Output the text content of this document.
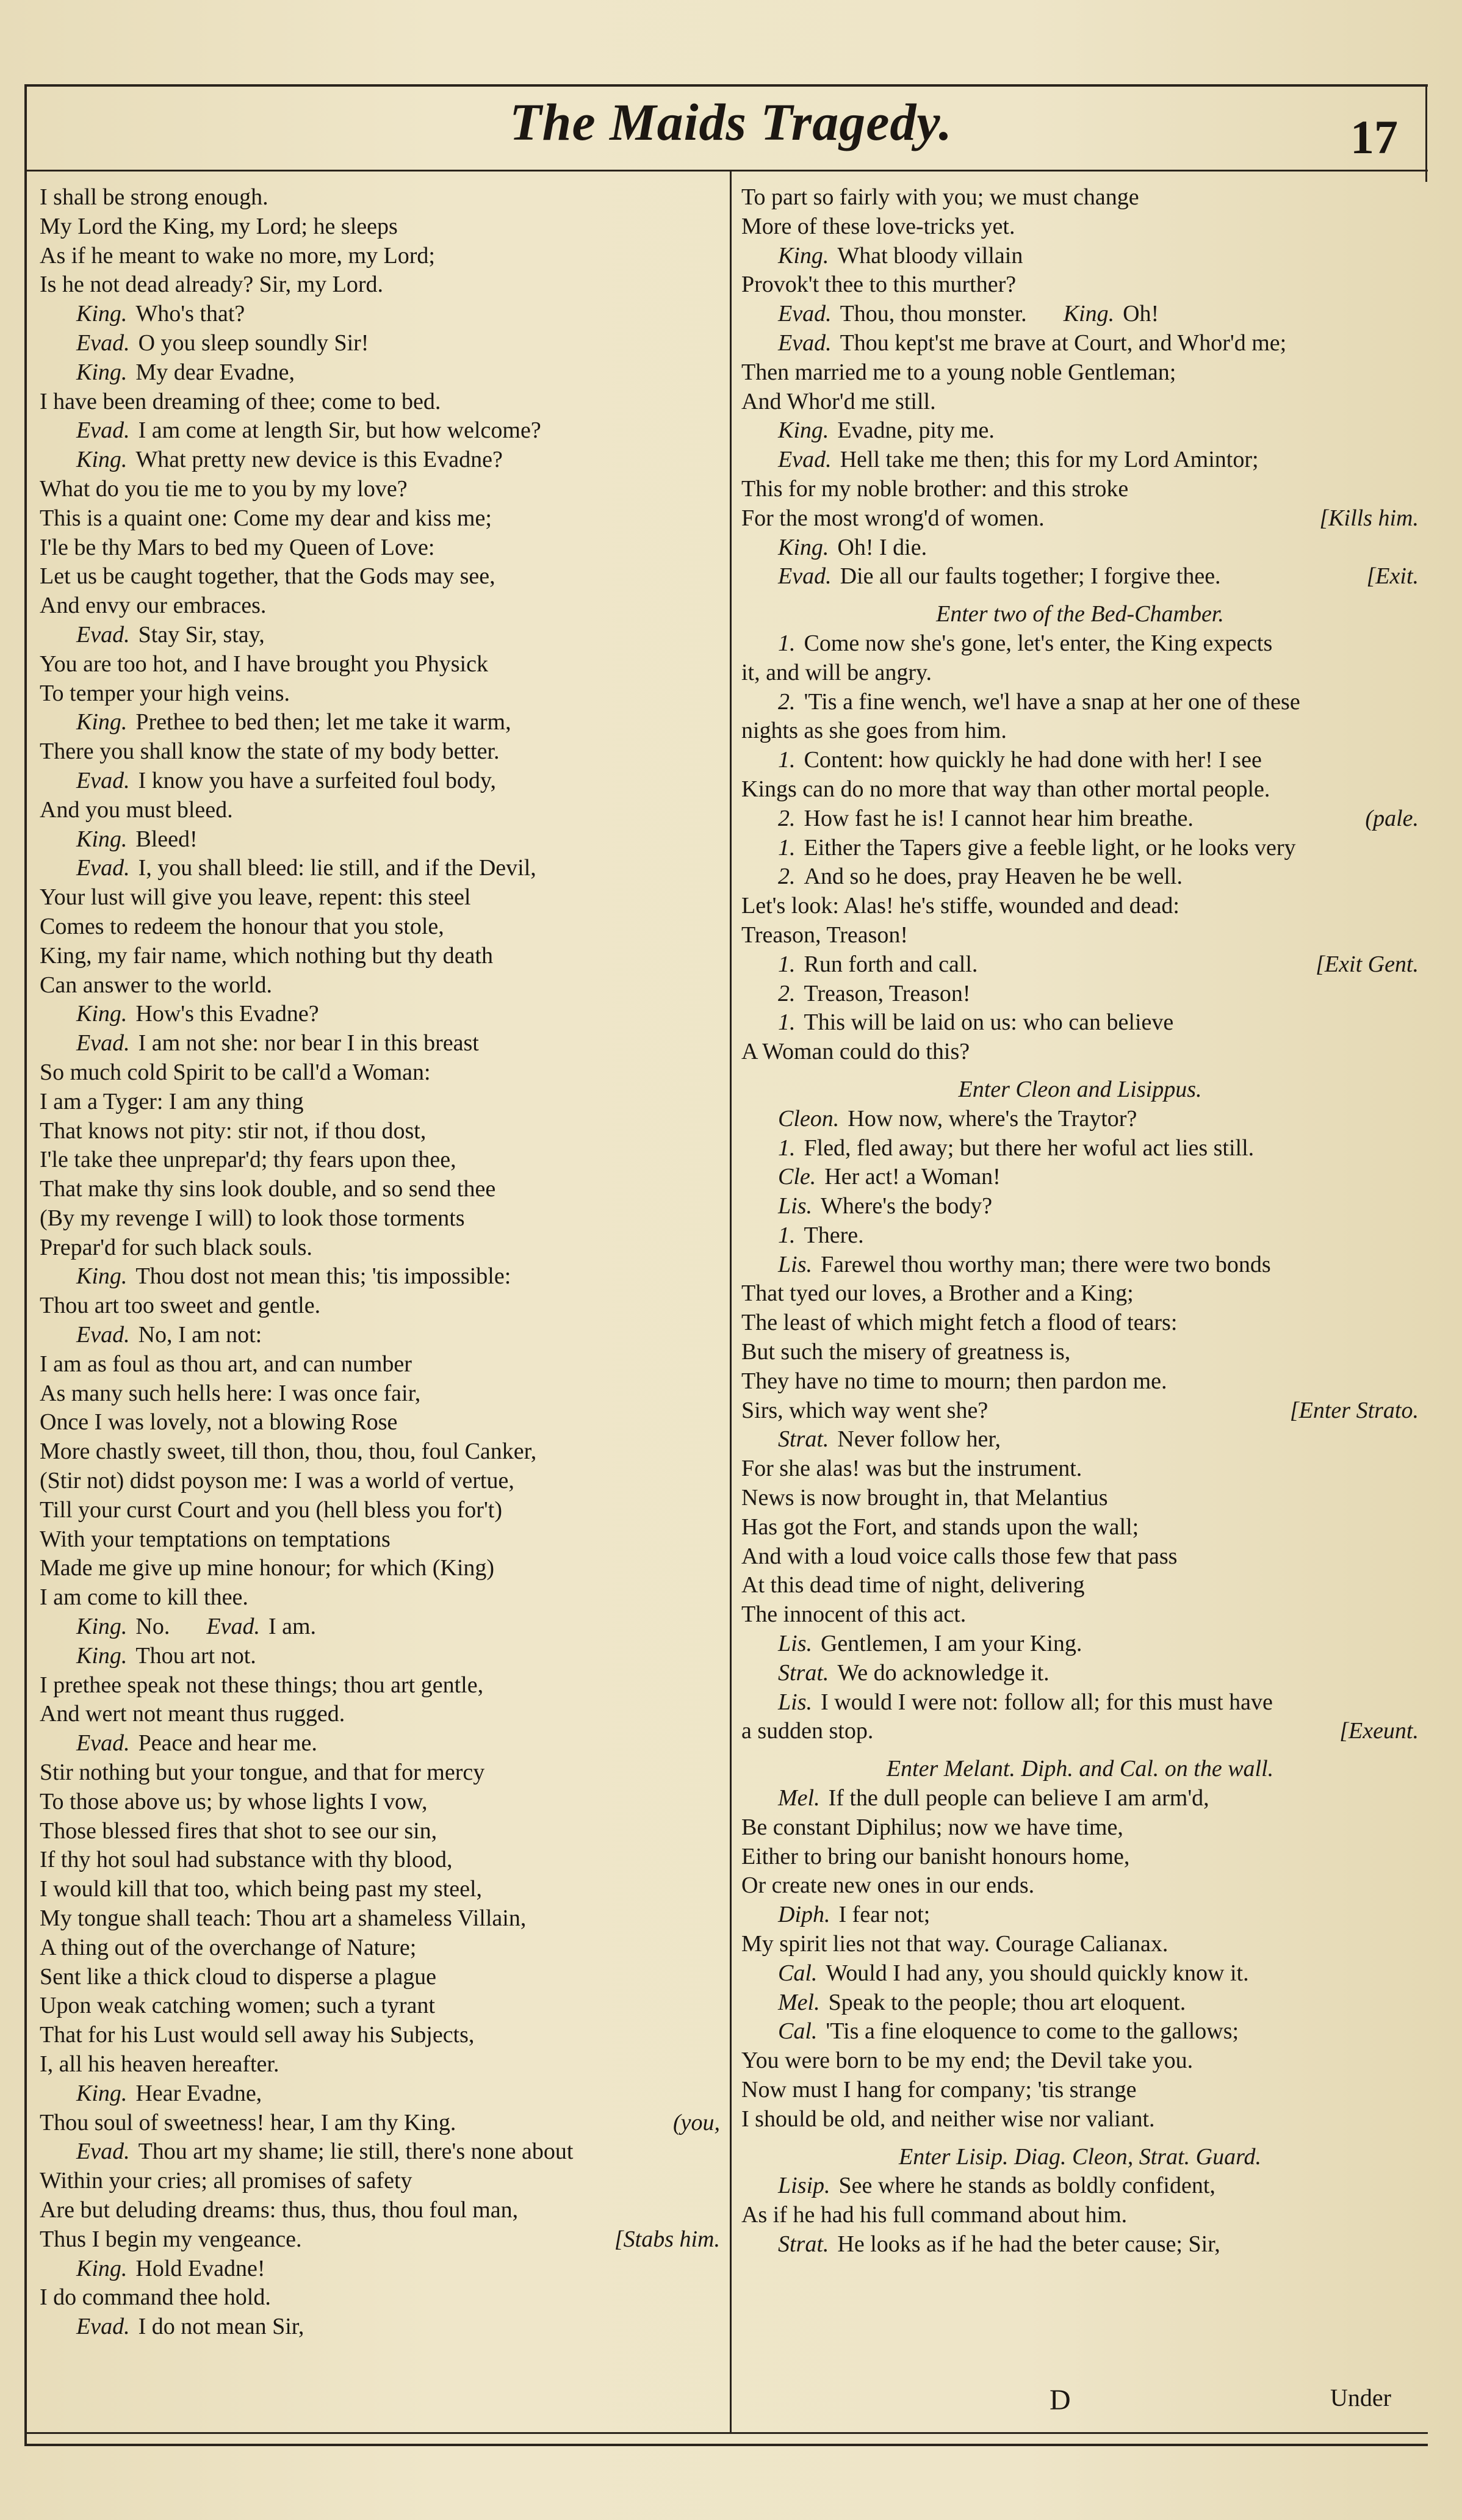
The Maids Tragedy.	17
I shall be strong enough.
My Lord the King, my Lord; he sleeps
As if he meant to wake no more, my Lord;
Is he not dead already? Sir, my Lord.
King. Who's that?
Evad. O you sleep soundly Sir!
King. My dear Evadne,
I have been dreaming of thee; come to bed.
Evad. I am come at length Sir, but how welcome?
King. What pretty new device is this Evadne?
What do you tie me to you by my love?
This is a quaint one: Come my dear and kiss me;
I'le be thy Mars to bed my Queen of Love:
Let us be caught together, that the Gods may see,
And envy our embraces.
Evad. Stay Sir, stay,
You are too hot, and I have brought you Physick
To temper your high veins.
King. Prethee to bed then; let me take it warm,
There you shall know the state of my body better.
Evad. I know you have a surfeited foul body,
And you must bleed.
King. Bleed!
Evad. I, you shall bleed: lie still, and if the Devil,
Your lust will give you leave, repent: this steel
Comes to redeem the honour that you stole,
King, my fair name, which nothing but thy death
Can answer to the world.
King. How's this Evadne?
Evad. I am not she: nor bear I in this breast
So much cold Spirit to be call'd a Woman:
I am a Tyger: I am any thing
That knows not pity: stir not, if thou dost,
I'le take thee unprepar'd; thy fears upon thee,
That make thy sins look double, and so send thee
(By my revenge I will) to look those torments
Prepar'd for such black souls.
King. Thou dost not mean this; 'tis impossible:
Thou art too sweet and gentle.
Evad. No, I am not:
I am as foul as thou art, and can number
As many such hells here: I was once fair,
Once I was lovely, not a blowing Rose
More chastly sweet, till thon, thou, thou, foul Canker,
(Stir not) didst poyson me: I was a world of vertue,
Till your curst Court and you (hell bless you for't)
With your temptations on temptations
Made me give up mine honour; for which (King)
I am come to kill thee.
King. No. Evad. I am.
King. Thou art not.
I prethee speak not these things; thou art gentle,
And wert not meant thus rugged.
Evad. Peace and hear me.
Stir nothing but your tongue, and that for mercy
To those above us; by whose lights I vow,
Those blessed fires that shot to see our sin,
If thy hot soul had substance with thy blood,
I would kill that too, which being past my steel,
My tongue shall teach: Thou art a shameless Villain,
A thing out of the overchange of Nature;
Sent like a thick cloud to disperse a plague
Upon weak catching women; such a tyrant
That for his Lust would sell away his Subjects,
I, all his heaven hereafter.
King. Hear Evadne,
Thou soul of sweetness! hear, I am thy King.	(you,
Evad. Thou art my shame; lie still, there's none about
Within your cries; all promises of safety
Are but deluding dreams: thus, thus, thou foul man,
Thus I begin my vengeance.	[Stabs him.
King. Hold Evadne!
I do command thee hold.
Evad. I do not mean Sir,
To part so fairly with you; we must change
More of these love-tricks yet.
King. What bloody villain
Provok't thee to this murther?
Evad. Thou, thou monster. King. Oh!
Evad. Thou kept'st me brave at Court, and Whor'd me;
Then married me to a young noble Gentleman;
And Whor'd me still.
King. Evadne, pity me.
Evad. Hell take me then; this for my Lord Amintor;
This for my noble brother: and this stroke
For the most wrong'd of women.	[Kills him.
King. Oh! I die.
Evad. Die all our faults together; I forgive thee.	[Exit.
Enter two of the Bed-Chamber.
1. Come now she's gone, let's enter, the King expects
it, and will be angry.
2. 'Tis a fine wench, we'l have a snap at her one of these
nights as she goes from him.
1. Content: how quickly he had done with her! I see
Kings can do no more that way than other mortal people.
2. How fast he is! I cannot hear him breathe.	(pale.
1. Either the Tapers give a feeble light, or he looks very
2. And so he does, pray Heaven he be well.
Let's look: Alas! he's stiffe, wounded and dead:
Treason, Treason!
1. Run forth and call.	[Exit Gent.
2. Treason, Treason!
1. This will be laid on us: who can believe
A Woman could do this?
Enter Cleon and Lisippus.
Cleon. How now, where's the Traytor?
1. Fled, fled away; but there her woful act lies still.
Cle. Her act! a Woman!
Lis. Where's the body?
1. There.
Lis. Farewel thou worthy man; there were two bonds
That tyed our loves, a Brother and a King;
The least of which might fetch a flood of tears:
But such the misery of greatness is,
They have no time to mourn; then pardon me.
Sirs, which way went she?	[Enter Strato.
Strat. Never follow her,
For she alas! was but the instrument.
News is now brought in, that Melantius
Has got the Fort, and stands upon the wall;
And with a loud voice calls those few that pass
At this dead time of night, delivering
The innocent of this act.
Lis. Gentlemen, I am your King.
Strat. We do acknowledge it.
Lis. I would I were not: follow all; for this must have
a sudden stop.	[Exeunt.
Enter Melant. Diph. and Cal. on the wall.
Mel. If the dull people can believe I am arm'd,
Be constant Diphilus; now we have time,
Either to bring our banisht honours home,
Or create new ones in our ends.
Diph. I fear not;
My spirit lies not that way. Courage Calianax.
Cal. Would I had any, you should quickly know it.
Mel. Speak to the people; thou art eloquent.
Cal. 'Tis a fine eloquence to come to the gallows;
You were born to be my end; the Devil take you.
Now must I hang for company; 'tis strange
I should be old, and neither wise nor valiant.
Enter Lisip. Diag. Cleon, Strat. Guard.
Lisip. See where he stands as boldly confident,
As if he had his full command about him.
Strat. He looks as if he had the beter cause; Sir,
D	Under
